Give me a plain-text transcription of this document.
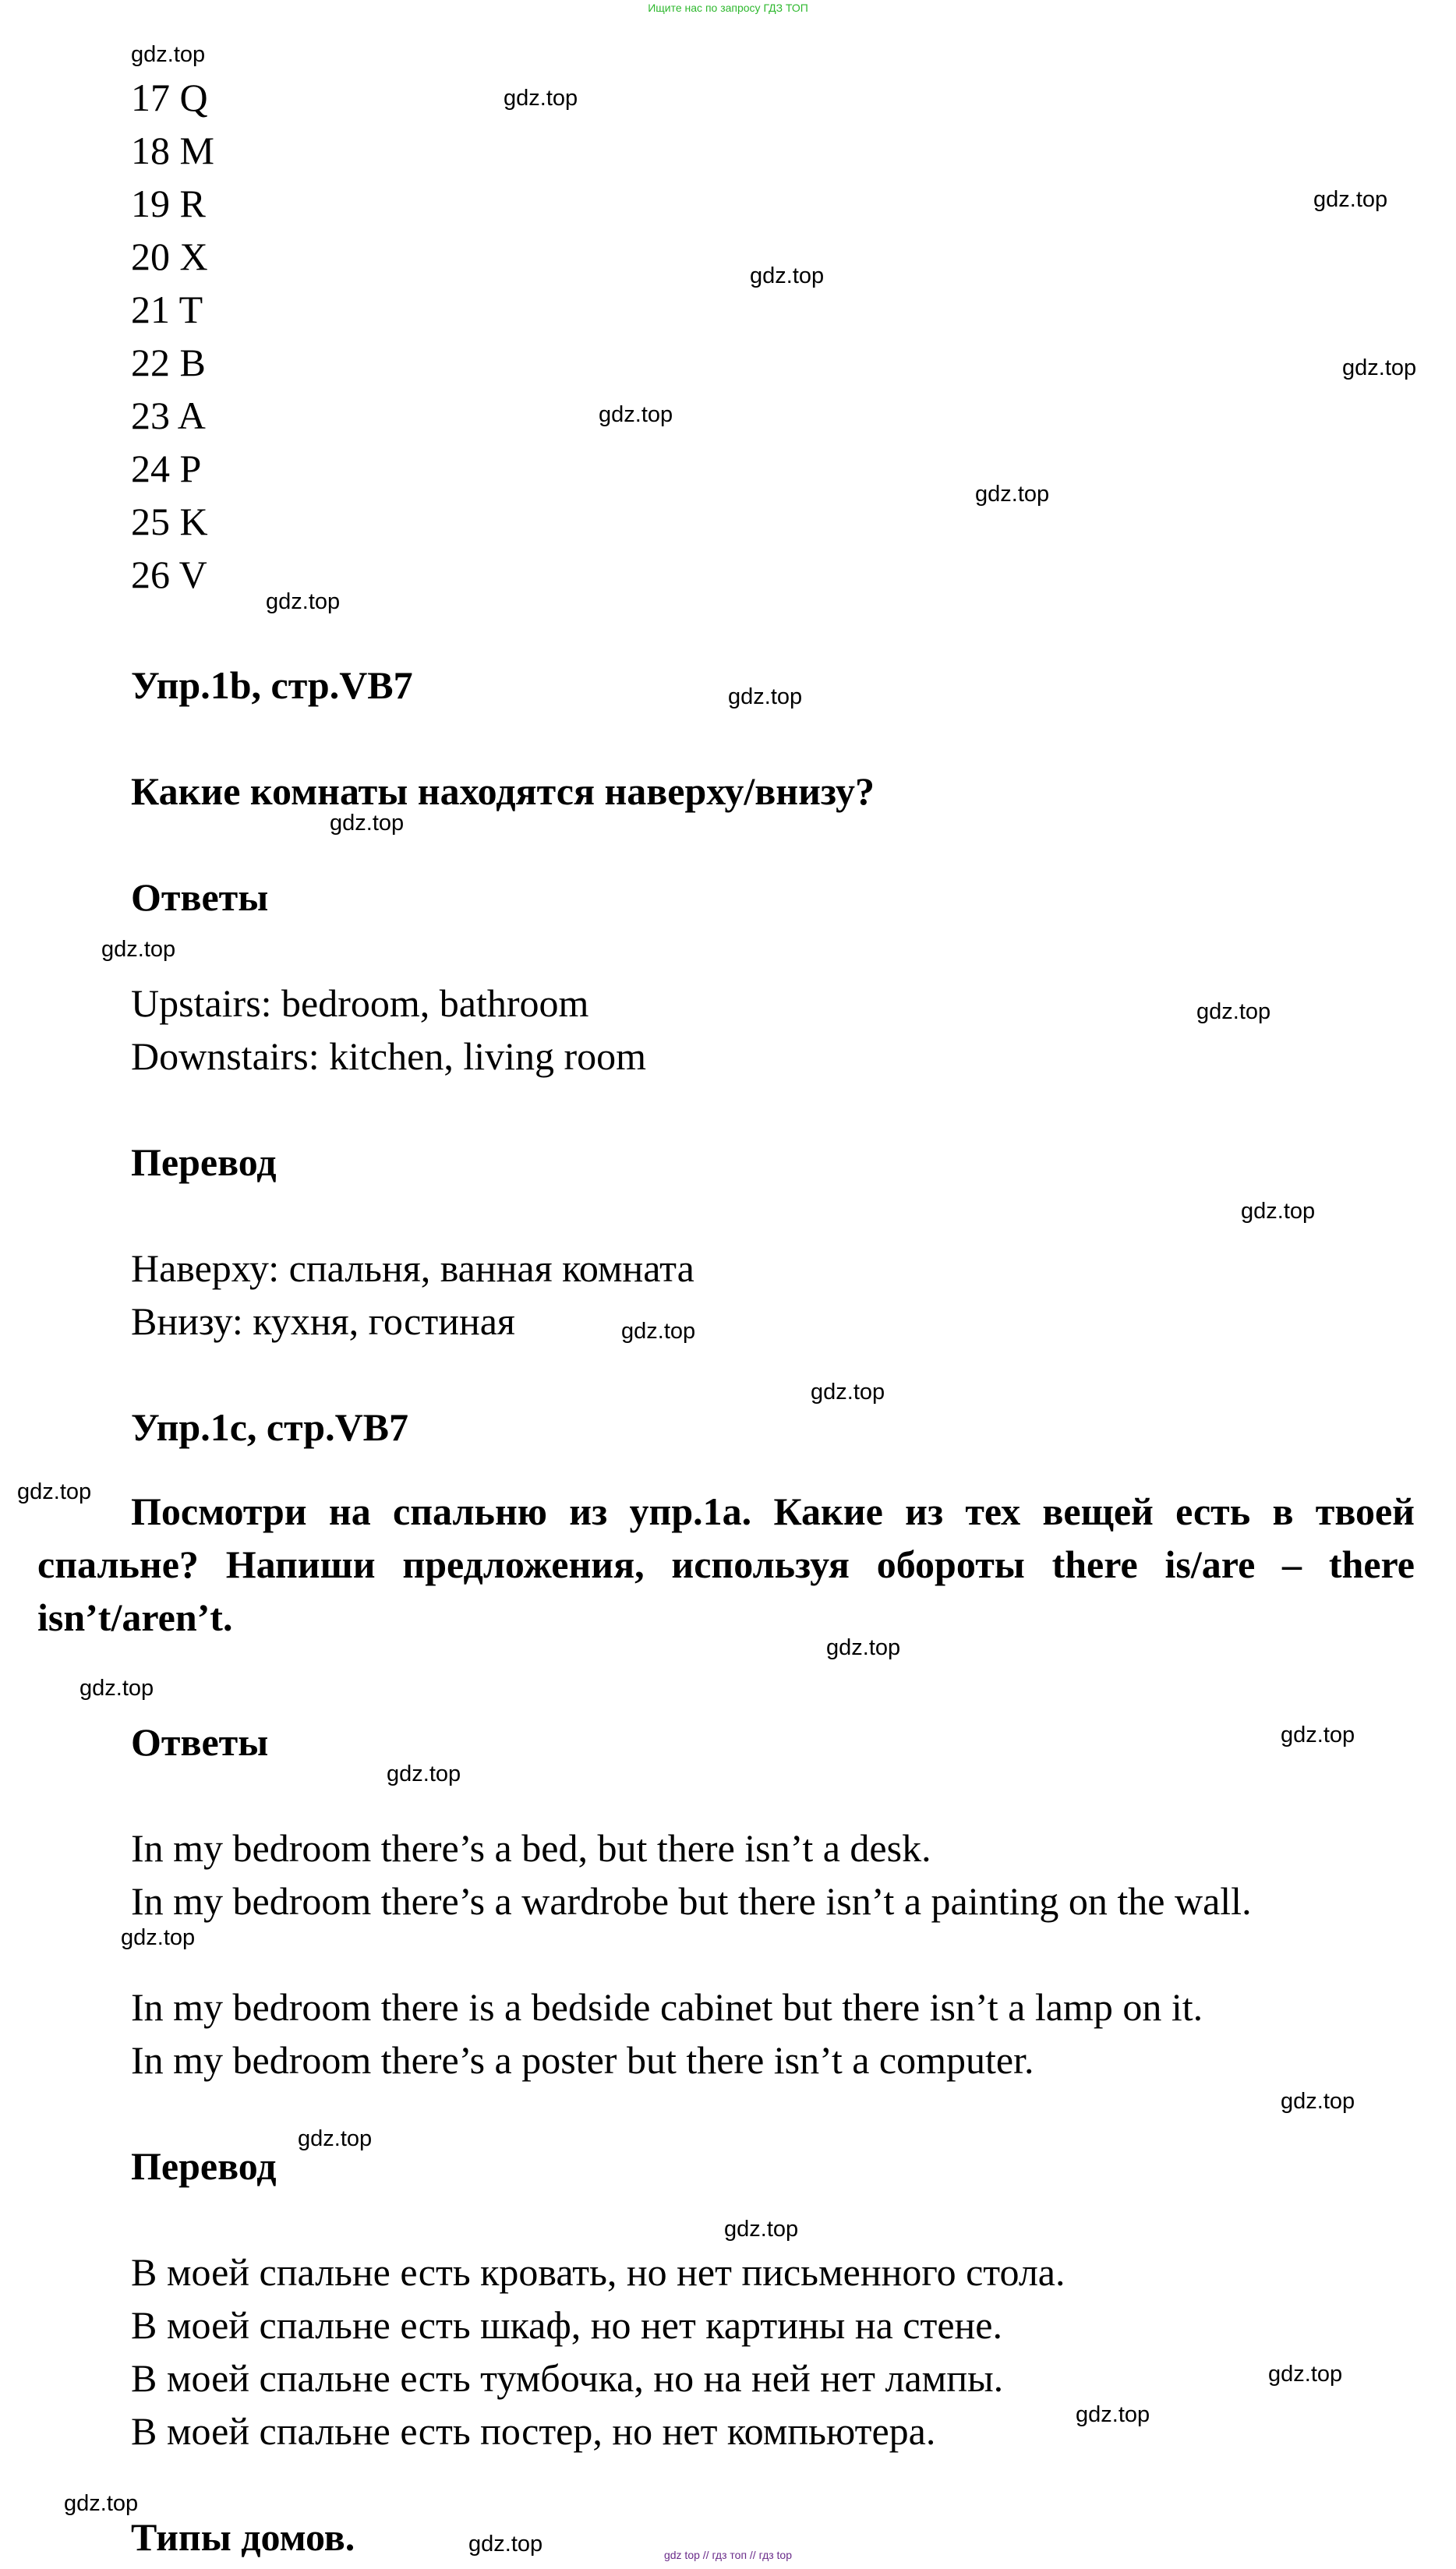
Ищите нас по запросу ГДЗ ТОП
17 Q
18 M
19 R
20 X
21 T
22 B
23 A
24 P
25 K
26 V
Упр.1b, стр.VB7
Какие комнаты находятся наверху/внизу?
Ответы
Upstairs: bedroom, bathroom
Downstairs: kitchen, living room
Перевод
Наверху: спальня, ванная комната
Внизу: кухня, гостиная
Упр.1c, стр.VB7
Посмотри на спальню из упр.1a. Какие из тех вещей есть в твоей спальне? Напиши предложения, используя обороты there is/are – there isn’t/aren’t.
Ответы
In my bedroom there’s a bed, but there isn’t a desk.
In my bedroom there’s a wardrobe but there isn’t a painting on the wall.
In my bedroom there is a bedside cabinet but there isn’t a lamp on it.
In my bedroom there’s a poster but there isn’t a computer.
Перевод
В моей спальне есть кровать, но нет письменного стола.
В моей спальне есть шкаф, но нет картины на стене.
В моей спальне есть тумбочка, но на ней нет лампы.
В моей спальне есть постер, но нет компьютера.
Типы домов.
gdz.top
gdz.top
gdz.top
gdz.top
gdz.top
gdz.top
gdz.top
gdz.top
gdz.top
gdz.top
gdz.top
gdz.top
gdz.top
gdz.top
gdz.top
gdz.top
gdz.top
gdz.top
gdz.top
gdz.top
gdz.top
gdz.top
gdz.top
gdz.top
gdz.top
gdz.top
gdz.top
gdz.top	gdz top // гдз топ // гдз top
